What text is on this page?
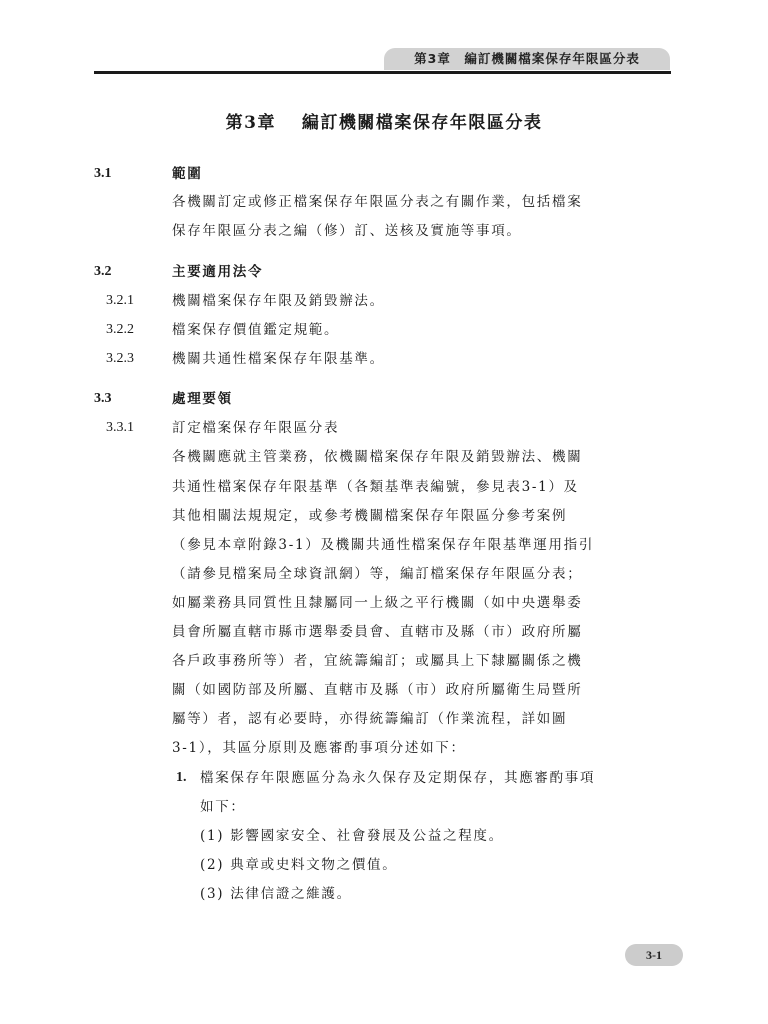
第3章　編訂機關檔案保存年限區分表
第3章　 編訂機關檔案保存年限區分表
3.1	範圍
各機關訂定或修正檔案保存年限區分表之有關作業，包括檔案
保存年限區分表之編（修）訂、送核及實施等事項。
3.2	主要適用法令
3.2.1	機關檔案保存年限及銷毀辦法。
3.2.2	檔案保存價值鑑定規範。
3.2.3	機關共通性檔案保存年限基準。
3.3	處理要領
3.3.1	訂定檔案保存年限區分表
各機關應就主管業務，依機關檔案保存年限及銷毀辦法、機關
共通性檔案保存年限基準（各類基準表編號，參見表3-1）及
其他相關法規規定，或參考機關檔案保存年限區分參考案例
（參見本章附錄3-1）及機關共通性檔案保存年限基準運用指引
（請參見檔案局全球資訊網）等，編訂檔案保存年限區分表；
如屬業務具同質性且隸屬同一上級之平行機關（如中央選舉委
員會所屬直轄市縣市選舉委員會、直轄市及縣（市）政府所屬
各戶政事務所等）者，宜統籌編訂；或屬具上下隸屬關係之機
關（如國防部及所屬、直轄市及縣（市）政府所屬衛生局暨所
屬等）者，認有必要時，亦得統籌編訂（作業流程，詳如圖
3-1），其區分原則及應審酌事項分述如下：
1. 檔案保存年限應區分為永久保存及定期保存，其應審酌事項
如下：
(1) 影響國家安全、社會發展及公益之程度。
(2) 典章或史料文物之價值。
(3) 法律信證之維護。
3-1
